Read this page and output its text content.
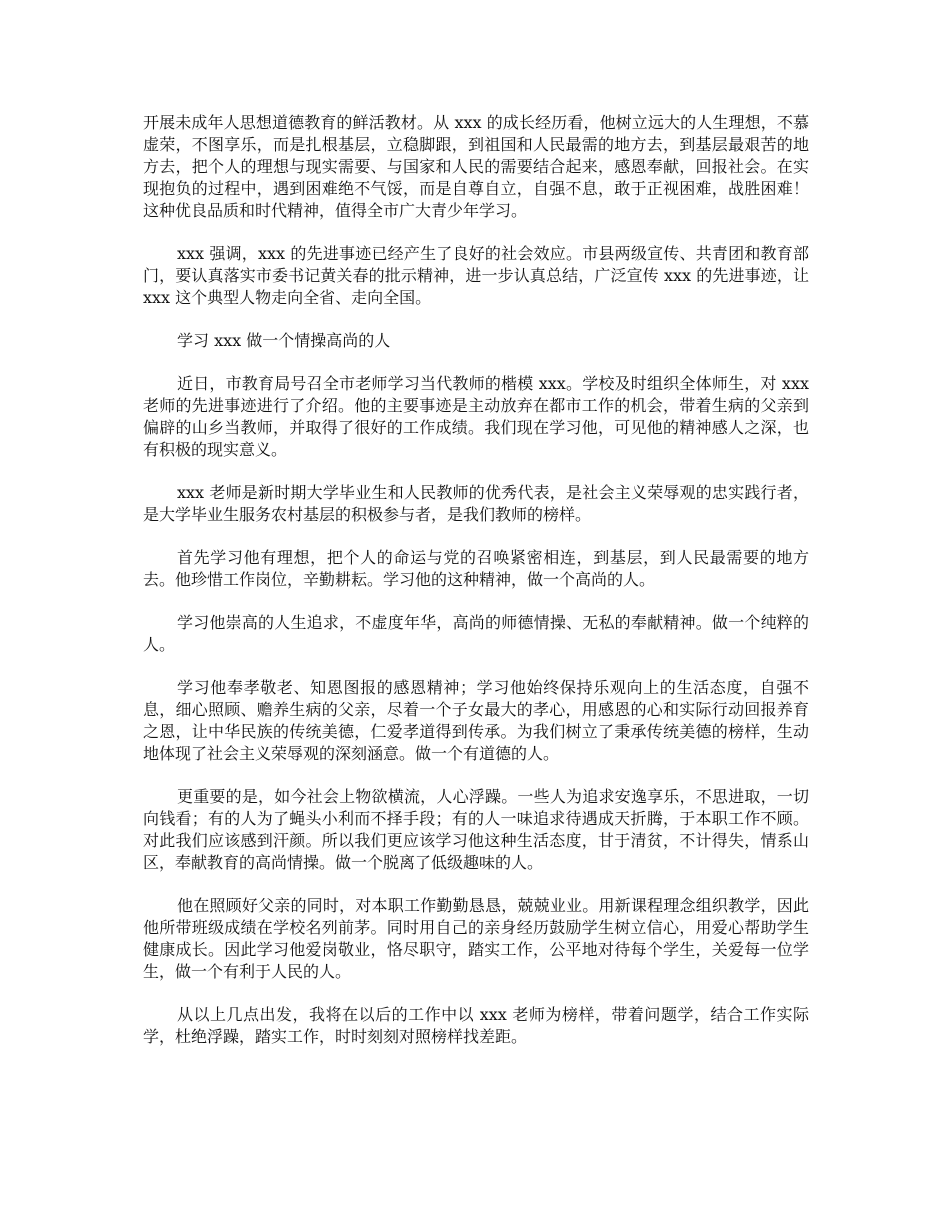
开展未成年人思想道德教育的鲜活教材。从 xxx 的成长经历看，他树立远大的人生理想，不慕虚荣，不图享乐，而是扎根基层，立稳脚跟，到祖国和人民最需的地方去，到基层最艰苦的地方去，把个人的理想与现实需要、与国家和人民的需要结合起来，感恩奉献，回报社会。在实现抱负的过程中，遇到困难绝不气馁，而是自尊自立，自强不息，敢于正视困难，战胜困难！这种优良品质和时代精神，值得全市广大青少年学习。

xxx 强调，xxx 的先进事迹已经产生了良好的社会效应。市县两级宣传、共青团和教育部门，要认真落实市委书记黄关春的批示精神，进一步认真总结，广泛宣传 xxx 的先进事迹，让 xxx 这个典型人物走向全省、走向全国。

学习 xxx 做一个情操高尚的人

近日，市教育局号召全市老师学习当代教师的楷模 xxx。学校及时组织全体师生，对 xxx 老师的先进事迹进行了介绍。他的主要事迹是主动放弃在都市工作的机会，带着生病的父亲到偏辟的山乡当教师，并取得了很好的工作成绩。我们现在学习他，可见他的精神感人之深，也有积极的现实意义。

xxx 老师是新时期大学毕业生和人民教师的优秀代表，是社会主义荣辱观的忠实践行者，是大学毕业生服务农村基层的积极参与者，是我们教师的榜样。

首先学习他有理想，把个人的命运与党的召唤紧密相连，到基层，到人民最需要的地方去。他珍惜工作岗位，辛勤耕耘。学习他的这种精神，做一个高尚的人。

学习他崇高的人生追求，不虚度年华，高尚的师德情操、无私的奉献精神。做一个纯粹的人。

学习他奉孝敬老、知恩图报的感恩精神；学习他始终保持乐观向上的生活态度，自强不息，细心照顾、赡养生病的父亲，尽着一个子女最大的孝心，用感恩的心和实际行动回报养育之恩，让中华民族的传统美德，仁爱孝道得到传承。为我们树立了秉承传统美德的榜样，生动地体现了社会主义荣辱观的深刻涵意。做一个有道德的人。

更重要的是，如今社会上物欲横流，人心浮躁。一些人为追求安逸享乐，不思进取，一切向钱看；有的人为了蝇头小利而不择手段；有的人一味追求待遇成天折腾，于本职工作不顾。对此我们应该感到汗颜。所以我们更应该学习他这种生活态度，甘于清贫，不计得失，情系山区，奉献教育的高尚情操。做一个脱离了低级趣味的人。

他在照顾好父亲的同时，对本职工作勤勤恳恳，兢兢业业。用新课程理念组织教学，因此他所带班级成绩在学校名列前茅。同时用自己的亲身经历鼓励学生树立信心，用爱心帮助学生健康成长。因此学习他爱岗敬业，恪尽职守，踏实工作，公平地对待每个学生，关爱每一位学生，做一个有利于人民的人。

从以上几点出发，我将在以后的工作中以 xxx 老师为榜样，带着问题学，结合工作实际学，杜绝浮躁，踏实工作，时时刻刻对照榜样找差距。
